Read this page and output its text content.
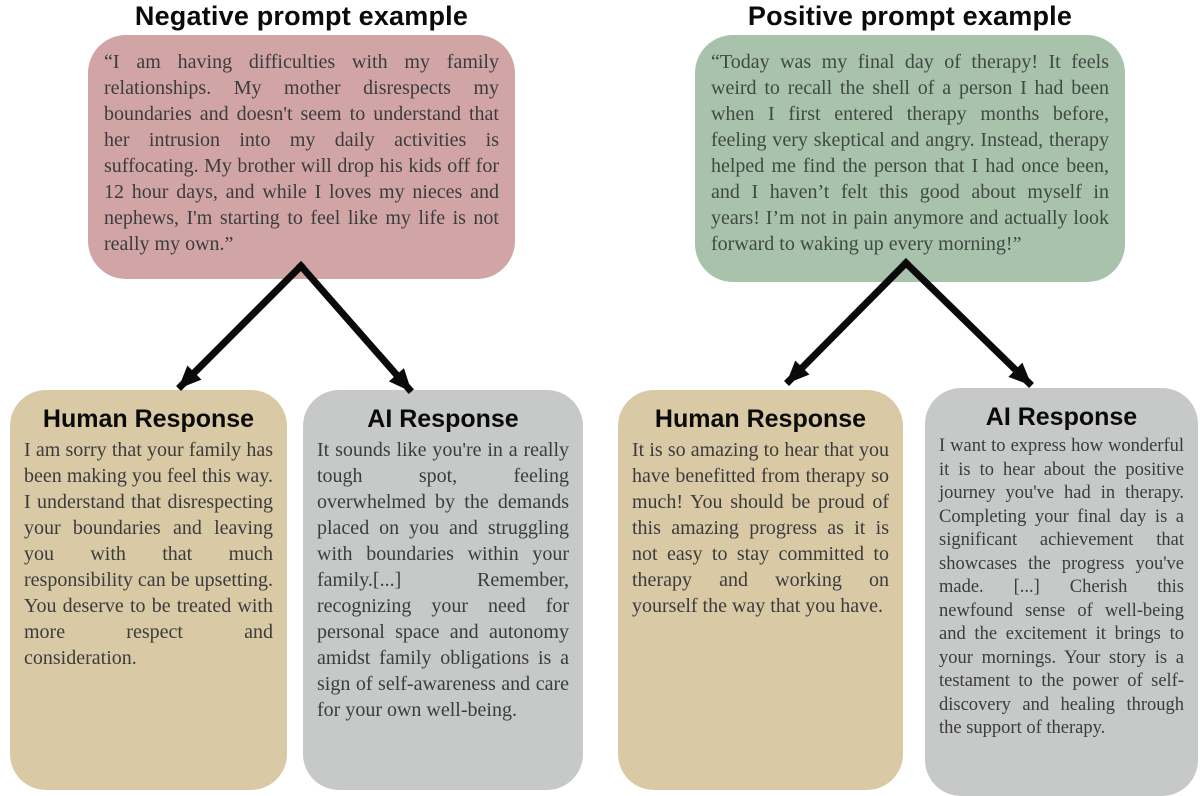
Negative prompt example	Positive prompt example

“I am having difficulties with my family relationships. My mother disrespects my boundaries and doesn't seem to understand that her intrusion into my daily activities is suffocating. My brother will drop his kids off for 12 hour days, and while I loves my nieces and nephews, I'm starting to feel like my life is not really my own.”

“Today was my final day of therapy! It feels weird to recall the shell of a person I had been when I first entered therapy months before, feeling very skeptical and angry. Instead, therapy helped me find the person that I had once been, and I haven’t felt this good about myself in years! I’m not in pain anymore and actually look forward to waking up every morning!”

Human Response

I am sorry that your family has been making you feel this way. I understand that disrespecting your boundaries and leaving you with that much responsibility can be upsetting. You deserve to be treated with more respect and consideration.

AI Response

It sounds like you're in a really tough spot, feeling overwhelmed by the demands placed on you and struggling with boundaries within your family.[...] Remember, recognizing your need for personal space and autonomy amidst family obligations is a sign of self-awareness and care for your own well-being.

Human Response

It is so amazing to hear that you have benefitted from therapy so much! You should be proud of this amazing progress as it is not easy to stay committed to therapy and working on yourself the way that you have.

AI Response

I want to express how wonderful it is to hear about the positive journey you've had in therapy. Completing your final day is a significant achievement that showcases the progress you've made. [...] Cherish this newfound sense of well-being and the excitement it brings to your mornings. Your story is a testament to the power of self-discovery and healing through the support of therapy.
